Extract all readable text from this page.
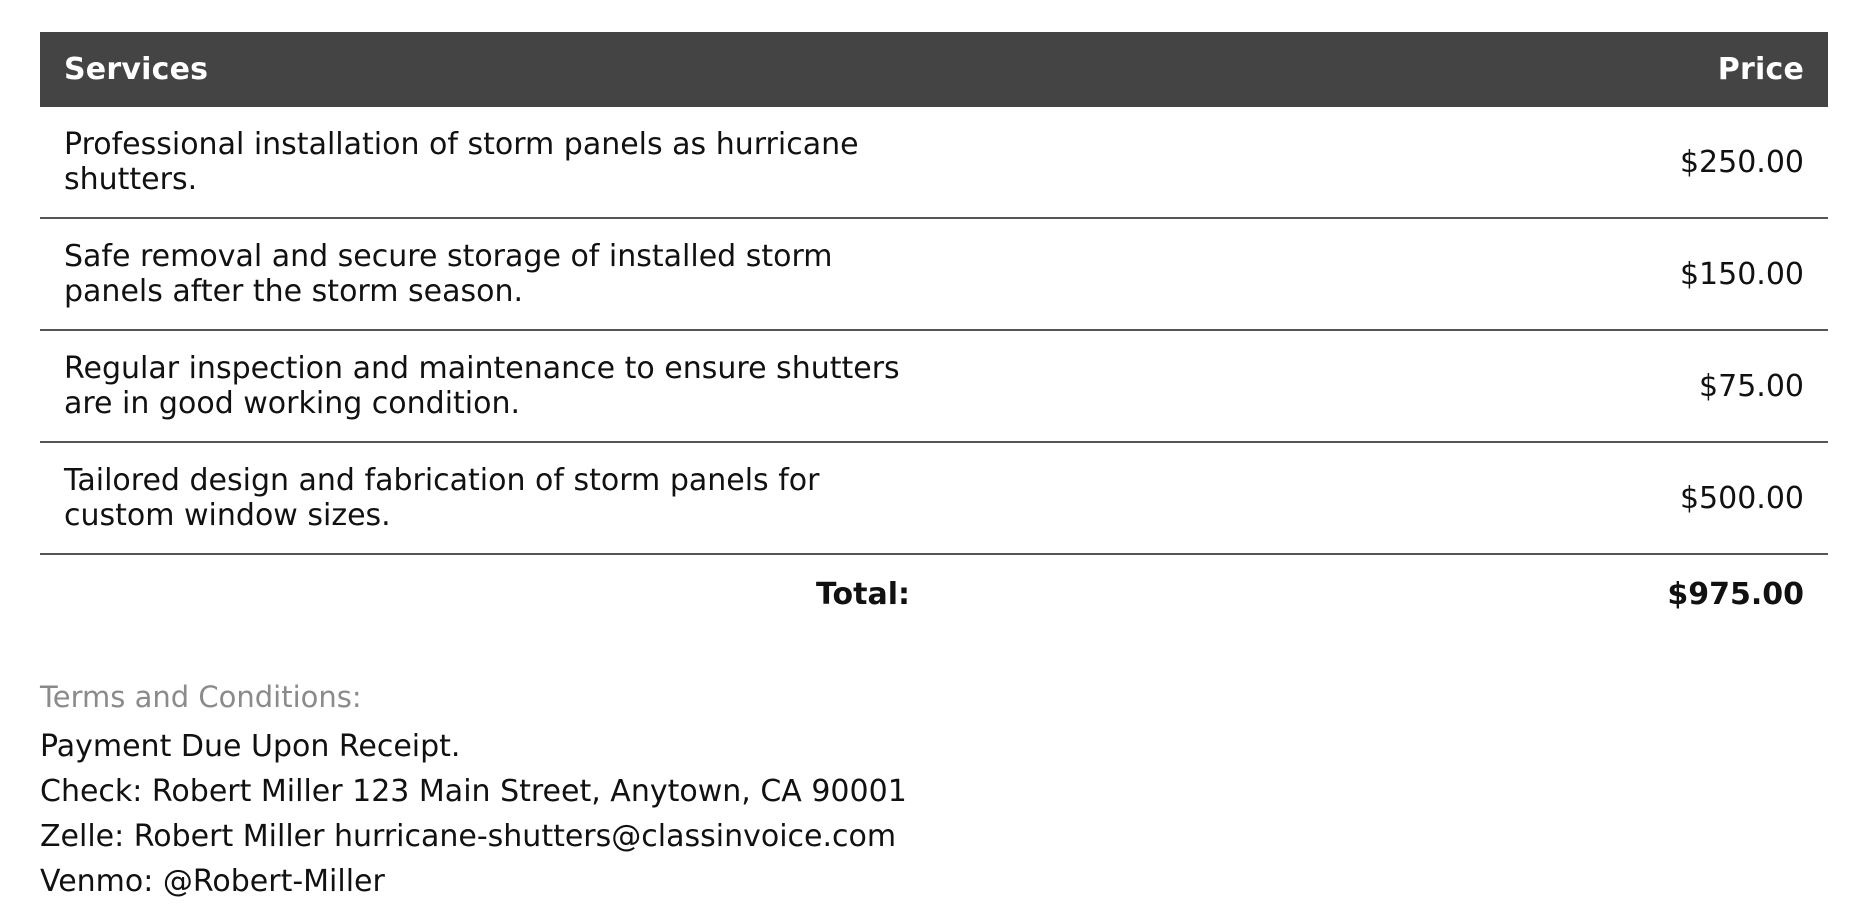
Services	Price
Professional installation of storm panels as hurricane shutters.	$250.00
Safe removal and secure storage of installed storm panels after the storm season.	$150.00
Regular inspection and maintenance to ensure shutters are in good working condition.	$75.00
Tailored design and fabrication of storm panels for custom window sizes.	$500.00
Total:	$975.00
Terms and Conditions:
Payment Due Upon Receipt.
Check: Robert Miller 123 Main Street, Anytown, CA 90001
Zelle: Robert Miller hurricane-shutters@classinvoice.com
Venmo: @Robert-Miller
